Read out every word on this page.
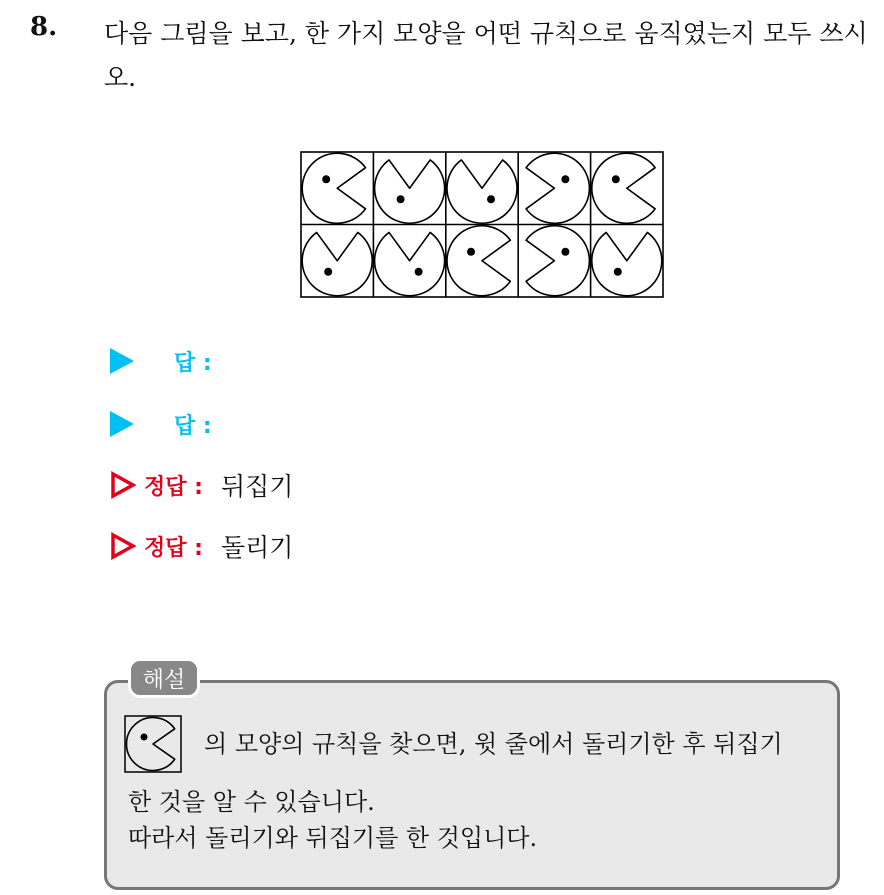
8. 다음 그림을 보고, 한 가지 모양을 어떤 규칙으로 움직였는지 모두 쓰시오.
답 :
답 :
정답 : 뒤집기
정답 : 돌리기
해설
의 모양의 규칙을 찾으면, 윗 줄에서 돌리기한 후 뒤집기
한 것을 알 수 있습니다.
따라서 돌리기와 뒤집기를 한 것입니다.
